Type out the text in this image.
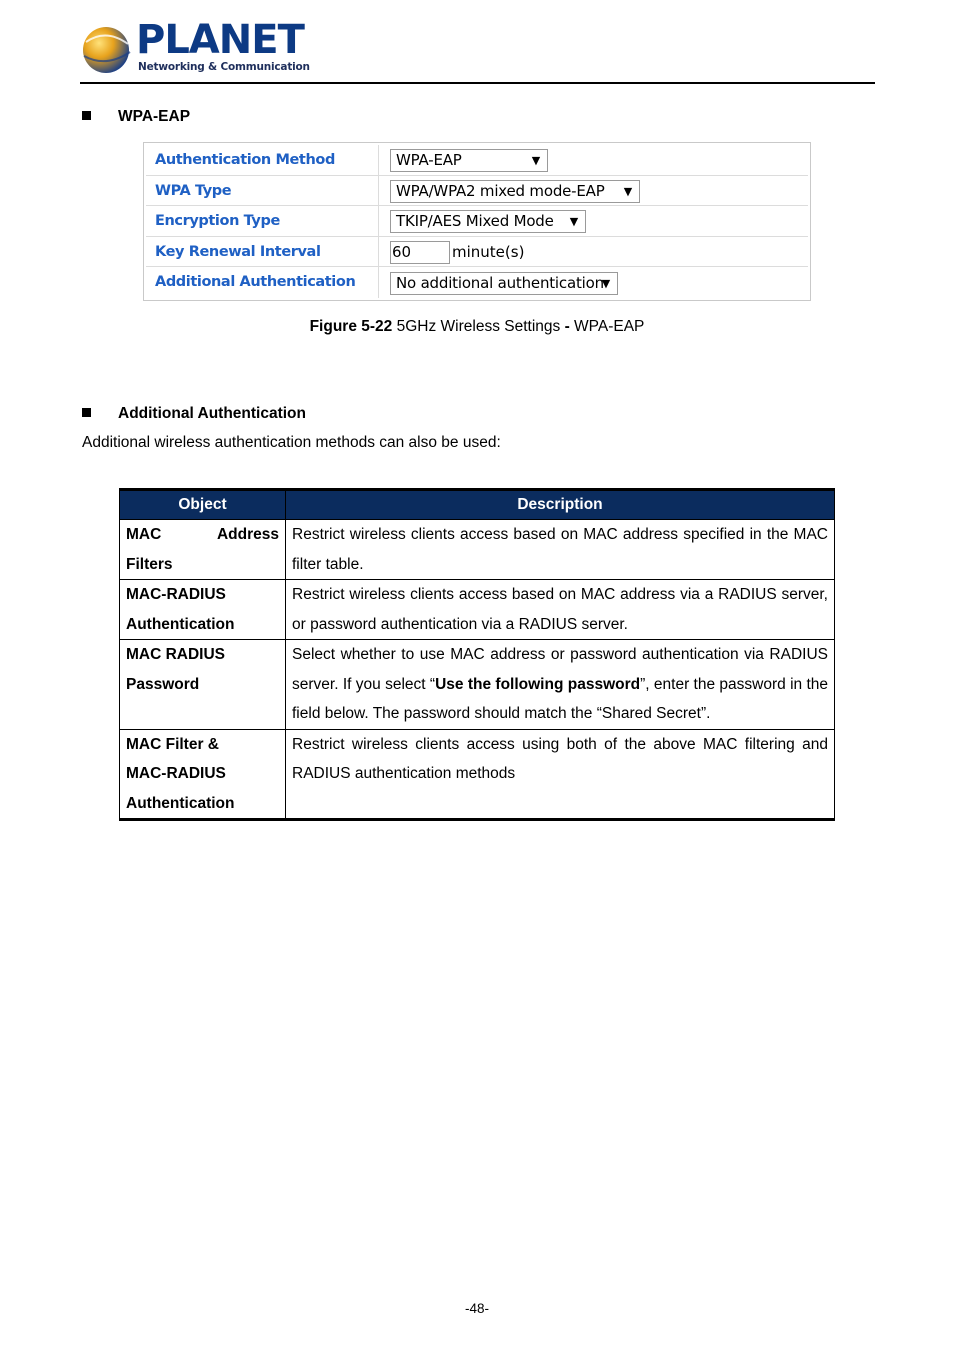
PLANET
Networking & Communication
WPA-EAP
Authentication Method	WPA-EAP	▼
WPA Type	WPA/WPA2 mixed mode-EAP ▼
Encryption Type	TKIP/AES Mixed Mode ▼
Key Renewal Interval	60	minute(s)
Additional Authentication	No additional authentication
▼
Figure 5-22 5GHz Wireless Settings - WPA-EAP
Additional Authentication
Additional wireless authentication methods can also be used:
Object	Description

MAC Address
Filters	Restrict wireless clients access based on MAC address specified in the MAC filter table.

MAC-RADIUS
Authentication	Restrict wireless clients access based on MAC address via a RADIUS server, or password authentication via a RADIUS server.

MAC RADIUS
Password	Select whether to use MAC address or password authentication via RADIUS server. If you select “Use the following password”, enter the password in the field below. The password should match the “Shared Secret”.

MAC Filter &
MAC-RADIUS
Authentication	Restrict wireless clients access using both of the above MAC filtering and RADIUS authentication methods
-48-
